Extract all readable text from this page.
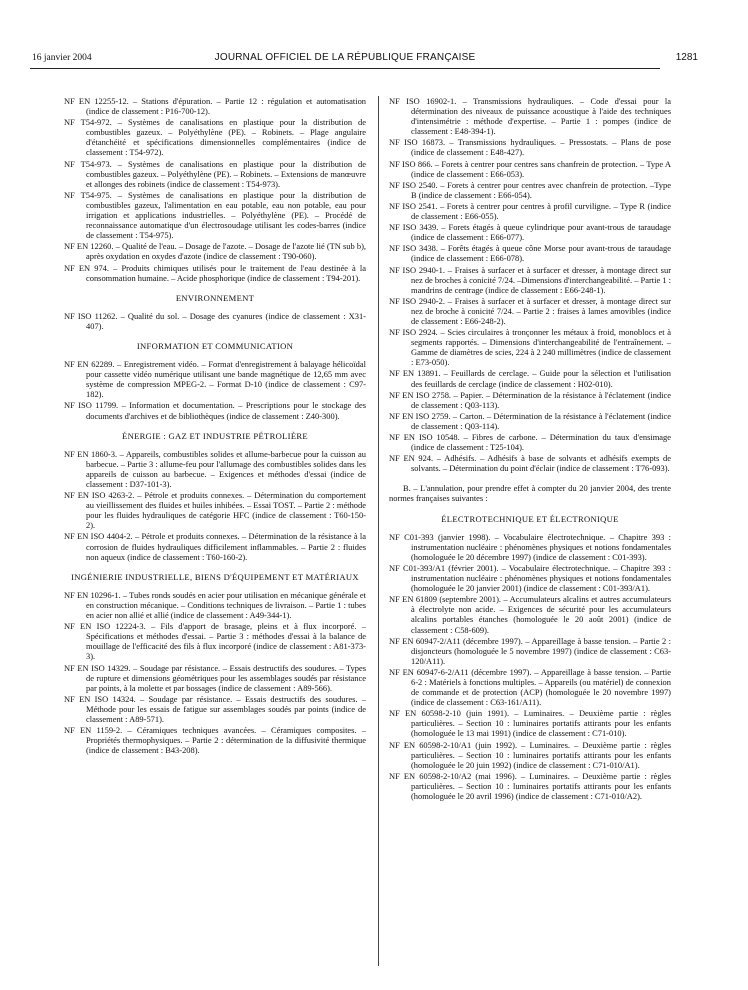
16 janvier 2004	JOURNAL OFFICIEL DE LA RÉPUBLIQUE FRANÇAISE	1281
NF EN 12255-12. – Stations d'épuration. – Partie 12 : régulation et automatisation (indice de classement : P16-700-12).
NF T54-972. – Systèmes de canalisations en plastique pour la distribution de combustibles gazeux. – Polyéthylène (PE). – Robinets. – Plage angulaire d'étanchéité et spécifications dimensionnelles complémentaires (indice de classement : T54-972).
NF T54-973. – Systèmes de canalisations en plastique pour la distribution de combustibles gazeux. – Polyéthylène (PE). – Robinets. – Extensions de manœuvre et allonges des robinets (indice de classement : T54-973).
NF T54-975. – Systèmes de canalisations en plastique pour la distribution de combustibles gazeux, l'alimentation en eau potable, eau non potable, eau pour irrigation et applications industrielles. – Polyéthylène (PE). – Procédé de reconnaissance automatique d'un électrosoudage utilisant les codes-barres (indice de classement : T54-975).
NF EN 12260. – Qualité de l'eau. – Dosage de l'azote. – Dosage de l'azote lié (TN sub b), après oxydation en oxydes d'azote (indice de classement : T90-060).
NF EN 974. – Produits chimiques utilisés pour le traitement de l'eau destinée à la consommation humaine. – Acide phosphorique (indice de classement : T94-201).
ENVIRONNEMENT
NF ISO 11262. – Qualité du sol. – Dosage des cyanures (indice de classement : X31-407).
INFORMATION ET COMMUNICATION
NF EN 62289. – Enregistrement vidéo. – Format d'enregistrement à balayage hélicoïdal pour cassette vidéo numérique utilisant une bande magnétique de 12,65 mm avec système de compression MPEG-2. – Format D-10 (indice de classement : C97-182).
NF ISO 11799. – Information et documentation. – Prescriptions pour le stockage des documents d'archives et de bibliothèques (indice de classement : Z40-300).
ÉNERGIE : GAZ ET INDUSTRIE PÉTROLIÈRE
NF EN 1860-3. – Appareils, combustibles solides et allume-barbecue pour la cuisson au barbecue. – Partie 3 : allume-feu pour l'allumage des combustibles solides dans les appareils de cuisson au barbecue. – Exigences et méthodes d'essai (indice de classement : D37-101-3).
NF EN ISO 4263-2. – Pétrole et produits connexes. – Détermination du comportement au vieillissement des fluides et huiles inhibées. – Essai TOST. – Partie 2 : méthode pour les fluides hydrauliques de catégorie HFC (indice de classement : T60-150-2).
NF EN ISO 4404-2. – Pétrole et produits connexes. – Détermination de la résistance à la corrosion de fluides hydrauliques difficilement inflammables. – Partie 2 : fluides non aqueux (indice de classement : T60-160-2).
INGÉNIERIE INDUSTRIELLE, BIENS D'ÉQUIPEMENT ET MATÉRIAUX
NF EN 10296-1. – Tubes ronds soudés en acier pour utilisation en mécanique générale et en construction mécanique. – Conditions techniques de livraison. – Partie 1 : tubes en acier non allié et allié (indice de classement : A49-344-1).
NF EN ISO 12224-3. – Fils d'apport de brasage, pleins et à flux incorporé. – Spécifications et méthodes d'essai. – Partie 3 : méthodes d'essai à la balance de mouillage de l'efficacité des fils à flux incorporé (indice de classement : A81-373-3).
NF EN ISO 14329. – Soudage par résistance. – Essais destructifs des soudures. – Types de rupture et dimensions géométriques pour les assemblages soudés par résistance par points, à la molette et par bossages (indice de classement : A89-566).
NF EN ISO 14324. – Soudage par résistance. – Essais destructifs des soudures. – Méthode pour les essais de fatigue sur assemblages soudés par points (indice de classement : A89-571).
NF EN 1159-2. – Céramiques techniques avancées. – Céramiques composites. – Propriétés thermophysiques. – Partie 2 : détermination de la diffusivité thermique (indice de classement : B43-208).
NF ISO 16902-1. – Transmissions hydrauliques. – Code d'essai pour la détermination des niveaux de puissance acoustique à l'aide des techniques d'intensimétrie : méthode d'expertise. – Partie 1 : pompes (indice de classement : E48-394-1).
NF ISO 16873. – Transmissions hydrauliques. – Pressostats. – Plans de pose (indice de classement : E48-427).
NF ISO 866. – Forets à centrer pour centres sans chanfrein de protection. – Type A (indice de classement : E66-053).
NF ISO 2540. – Forets à centrer pour centres avec chanfrein de protection. –Type B (indice de classement : E66-054).
NF ISO 2541. – Forets à centrer pour centres à profil curviligne. – Type R (indice de classement : E66-055).
NF ISO 3439. – Forets étagés à queue cylindrique pour avant-trous de taraudage (indice de classement : E66-077).
NF ISO 3438. – Forêts étagés à queue cône Morse pour avant-trous de taraudage (indice de classement : E66-078).
NF ISO 2940-1. – Fraises à surfacer et à surfacer et dresser, à montage direct sur nez de broches à conicité 7/24. –Dimensions d'interchangeabilité. – Partie 1 : mandrins de centrage (indice de classement : E66-248-1).
NF ISO 2940-2. – Fraises à surfacer et à surfacer et dresser, à montage direct sur nez de broche à conicité 7/24. – Partie 2 : fraises à lames amovibles (indice de classement : E66-248-2).
NF ISO 2924. – Scies circulaires à tronçonner les métaux à froid, monoblocs et à segments rapportés. – Dimensions d'interchangeabilité de l'entraînement. – Gamme de diamètres de scies, 224 à 2 240 millimètres (indice de classement : E73-050).
NF EN 13891. – Feuillards de cerclage. – Guide pour la sélection et l'utilisation des feuillards de cerclage (indice de classement : H02-010).
NF EN ISO 2758. – Papier. – Détermination de la résistance à l'éclatement (indice de classement : Q03-113).
NF EN ISO 2759. – Carton. – Détermination de la résistance à l'éclatement (indice de classement : Q03-114).
NF EN ISO 10548. – Fibres de carbone. – Détermination du taux d'ensimage (indice de classement : T25-104).
NF EN 924. – Adhésifs. – Adhésifs à base de solvants et adhésifs exempts de solvants. – Détermination du point d'éclair (indice de classement : T76-093).
B. – L'annulation, pour prendre effet à compter du 20 janvier 2004, des trente normes françaises suivantes :
ÉLECTROTECHNIQUE ET ÉLECTRONIQUE
NF C01-393 (janvier 1998). – Vocabulaire électrotechnique. – Chapitre 393 : instrumentation nucléaire : phénomènes physiques et notions fondamentales (homologuée le 20 décembre 1997) (indice de classement : C01-393).
NF C01-393/A1 (février 2001). – Vocabulaire électrotechnique. – Chapitre 393 : instrumentation nucléaire : phénomènes physiques et notions fondamentales (homologuée le 20 janvier 2001) (indice de classement : C01-393/A1).
NF EN 61809 (septembre 2001). – Accumulateurs alcalins et autres accumulateurs à électrolyte non acide. – Exigences de sécurité pour les accumulateurs alcalins portables étanches (homologuée le 20 août 2001) (indice de classement : C58-609).
NF EN 60947-2/A11 (décembre 1997). – Appareillage à basse tension. – Partie 2 : disjoncteurs (homologuée le 5 novembre 1997) (indice de classement : C63-120/A11).
NF EN 60947-6-2/A11 (décembre 1997). – Appareillage à basse tension. – Partie 6-2 : Matériels à fonctions multiples. – Appareils (ou matériel) de connexion de commande et de protection (ACP) (homologuée le 20 novembre 1997) (indice de classement : C63-161/A11).
NF EN 60598-2-10 (juin 1991). – Luminaires. – Deuxième partie : règles particulières. – Section 10 : luminaires portatifs attirants pour les enfants (homologuée le 13 mai 1991) (indice de classement : C71-010).
NF EN 60598-2-10/A1 (juin 1992). – Luminaires. – Deuxième partie : règles particulières. – Section 10 : luminaires portatifs attirants pour les enfants (homologuée le 20 juin 1992) (indice de classement : C71-010/A1).
NF EN 60598-2-10/A2 (mai 1996). – Luminaires. – Deuxième partie : règles particulières. – Section 10 : luminaires portatifs attirants pour les enfants (homologuée le 20 avril 1996) (indice de classement : C71-010/A2).
